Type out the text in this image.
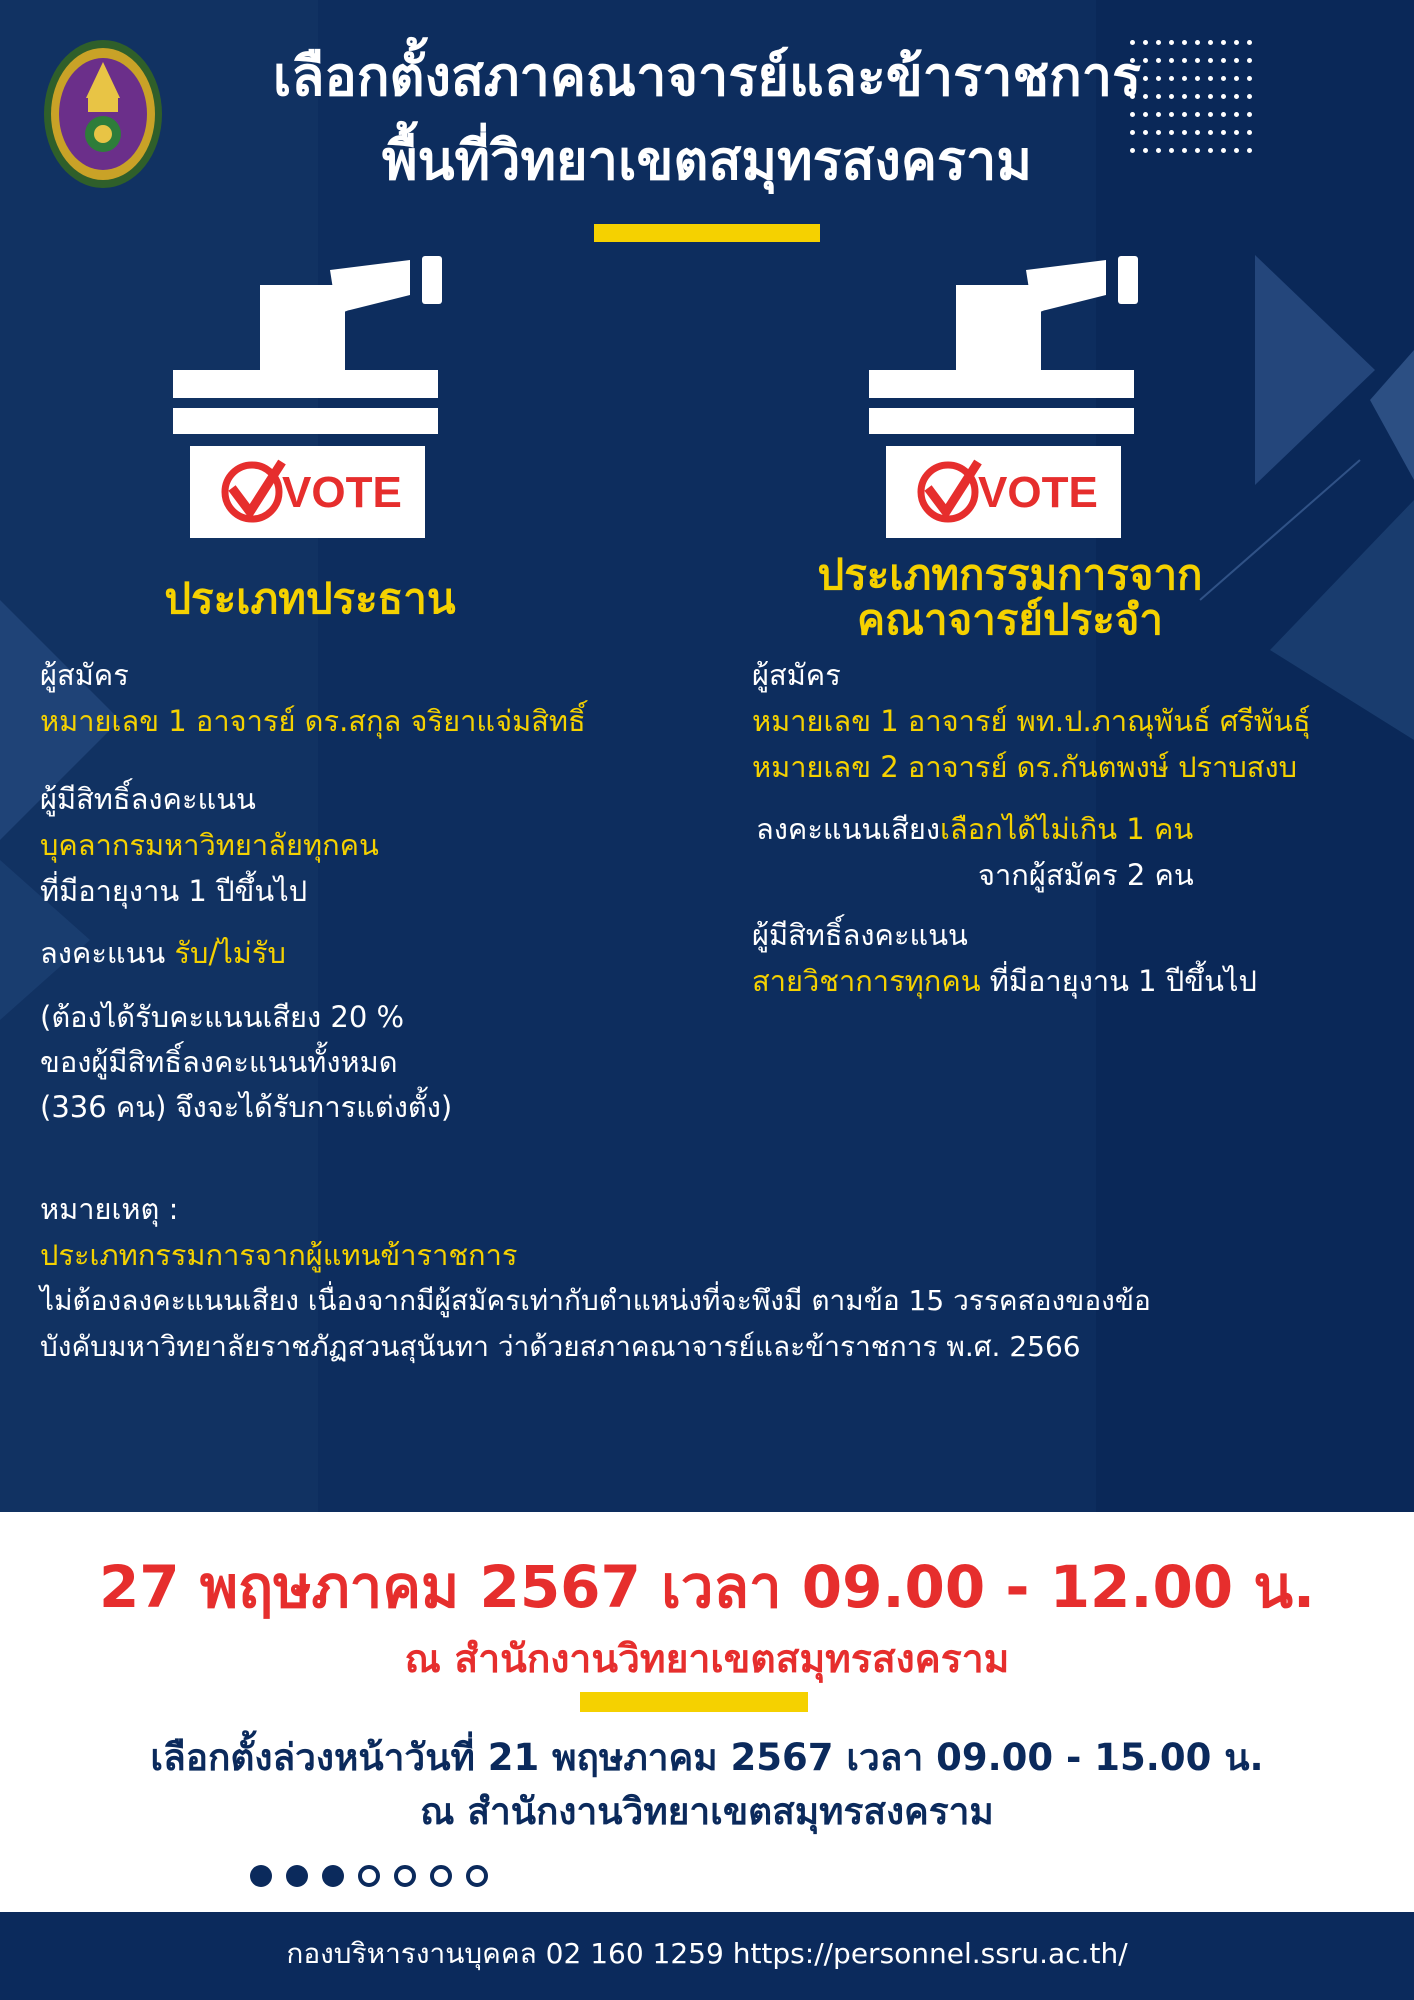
เลือกตั้งสภาคณาจารย์และข้าราชการ
พื้นที่วิทยาเขตสมุทรสงคราม
VOTE	VOTE
ประเภทประธาน
ผู้สมัคร
หมายเลข 1 อาจารย์ ดร.สกุล จริยาแจ่มสิทธิ์
ผู้มีสิทธิ์ลงคะแนน
บุคลากรมหาวิทยาลัยทุกคน
ที่มีอายุงาน 1 ปีขึ้นไป
ลงคะแนน รับ/ไม่รับ
(ต้องได้รับคะแนนเสียง 20 %
ของผู้มีสิทธิ์ลงคะแนนทั้งหมด
(336 คน) จึงจะได้รับการแต่งตั้ง)
ประเภทกรรมการจาก
คณาจารย์ประจำ
ผู้สมัคร
หมายเลข 1 อาจารย์ พท.ป.ภาณุพันธ์ ศรีพันธุ์
หมายเลข 2 อาจารย์ ดร.กันตพงษ์ ปราบสงบ
ลงคะแนนเสียงเลือกได้ไม่เกิน 1 คน
จากผู้สมัคร 2 คน
ผู้มีสิทธิ์ลงคะแนน
สายวิชาการทุกคน ที่มีอายุงาน 1 ปีขึ้นไป
หมายเหตุ :
ประเภทกรรมการจากผู้แทนข้าราชการ
ไม่ต้องลงคะแนนเสียง เนื่องจากมีผู้สมัครเท่ากับตำแหน่งที่จะพึงมี ตามข้อ 15 วรรคสองของข้อ
บังคับมหาวิทยาลัยราชภัฏสวนสุนันทา ว่าด้วยสภาคณาจารย์และข้าราชการ พ.ศ. 2566
27 พฤษภาคม 2567 เวลา 09.00 - 12.00 น.
ณ สำนักงานวิทยาเขตสมุทรสงคราม
เลือกตั้งล่วงหน้าวันที่ 21 พฤษภาคม 2567 เวลา 09.00 - 15.00 น.
ณ สำนักงานวิทยาเขตสมุทรสงคราม
กองบริหารงานบุคคล 02 160 1259 https://personnel.ssru.ac.th/
